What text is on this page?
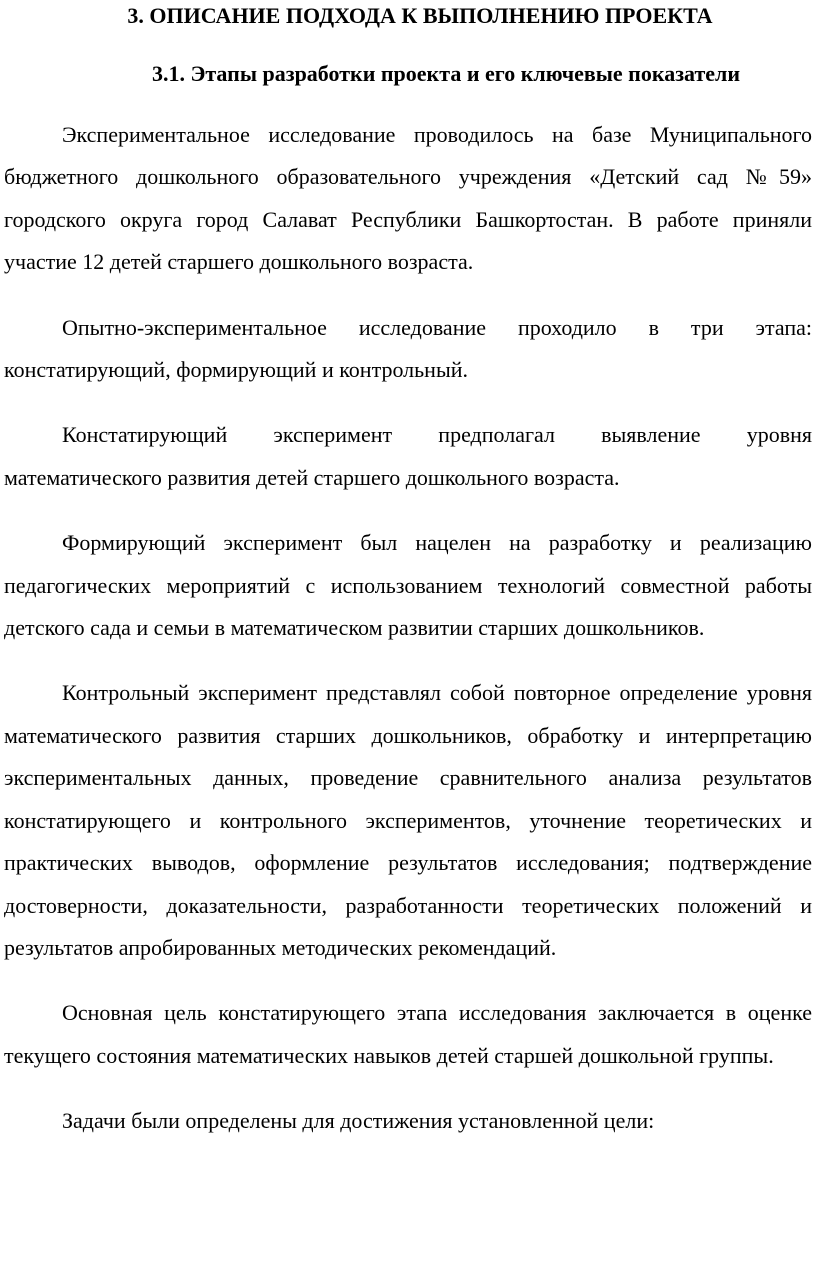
3. ОПИСАНИЕ ПОДХОДА К ВЫПОЛНЕНИЮ ПРОЕКТА
3.1. Этапы разработки проекта и его ключевые показатели

Экспериментальное исследование проводилось на базе Муниципального бюджетного дошкольного образовательного учреждения «Детский сад №59» городского округа город Салават Республики Башкортостан. В работе приняли участие 12 детей старшего дошкольного возраста.

Опытно-экспериментальное исследование проходило в три этапа: констатирующий, формирующий и контрольный.

Констатирующий эксперимент предполагал выявление уровня математического развития детей старшего дошкольного возраста.

Формирующий эксперимент был нацелен на разработку и реализацию педагогических мероприятий с использованием технологий совместной работы детского сада и семьи в математическом развитии старших дошкольников.

Контрольный эксперимент представлял собой повторное определение уровня математического развития старших дошкольников, обработку и интерпретацию экспериментальных данных, проведение сравнительного анализа результатов констатирующего и контрольного экспериментов, уточнение теоретических и практических выводов, оформление результатов исследования; подтверждение достоверности, доказательности, разработанности теоретических положений и результатов апробированных методических рекомендаций.

Основная цель констатирующего этапа исследования заключается в оценке текущего состояния математических навыков детей старшей дошкольной группы.

Задачи были определены для достижения установленной цели:
